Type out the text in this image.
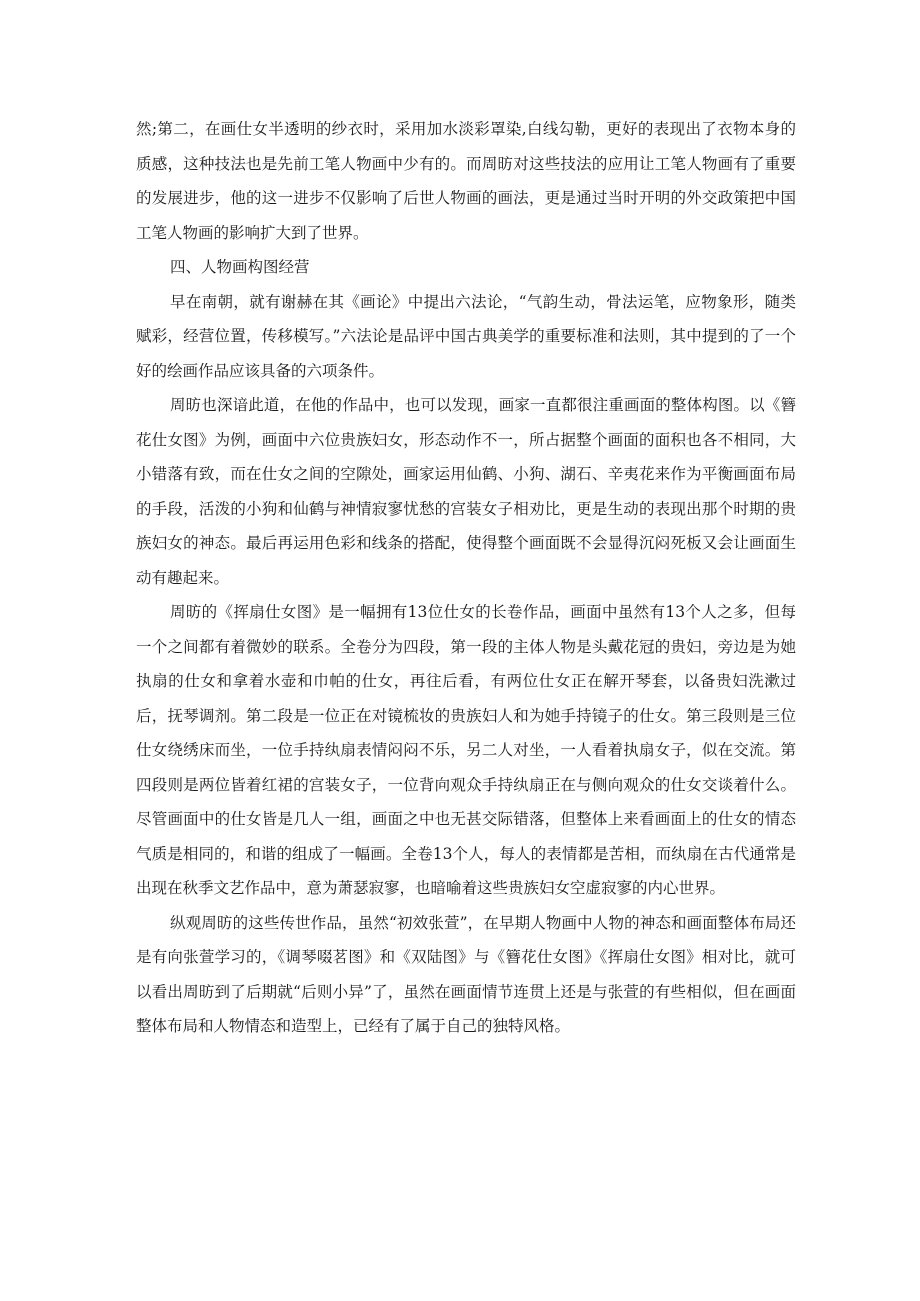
然;第二，在画仕女半透明的纱衣时，采用加水淡彩罩染,白线勾勒，更好的表现出了衣物本身的质感，这种技法也是先前工笔人物画中少有的。而周昉对这些技法的应用让工笔人物画有了重要的发展进步，他的这一进步不仅影响了后世人物画的画法，更是通过当时开明的外交政策把中国工笔人物画的影响扩大到了世界。

四、人物画构图经营

早在南朝，就有谢赫在其《画论》中提出六法论，“气韵生动，骨法运笔，应物象形，随类赋彩，经营位置，传移模写。”六法论是品评中国古典美学的重要标准和法则，其中提到的了一个好的绘画作品应该具备的六项条件。

周昉也深谙此道，在他的作品中，也可以发现，画家一直都很注重画面的整体构图。以《簪花仕女图》为例，画面中六位贵族妇女，形态动作不一，所占据整个画面的面积也各不相同，大小错落有致，而在仕女之间的空隙处，画家运用仙鹤、小狗、湖石、辛夷花来作为平衡画面布局的手段，活泼的小狗和仙鹤与神情寂寥忧愁的宫装女子相劝比，更是生动的表现出那个时期的贵族妇女的神态。最后再运用色彩和线条的搭配，使得整个画面既不会显得沉闷死板又会让画面生动有趣起来。

周昉的《挥扇仕女图》是一幅拥有13位仕女的长卷作品，画面中虽然有13个人之多，但每一个之间都有着微妙的联系。全卷分为四段，第一段的主体人物是头戴花冠的贵妇，旁边是为她执扇的仕女和拿着水壶和巾帕的仕女，再往后看，有两位仕女正在解开琴套，以备贵妇洗漱过后，抚琴调剂。第二段是一位正在对镜梳妆的贵族妇人和为她手持镜子的仕女。第三段则是三位仕女绕绣床而坐，一位手持纨扇表情闷闷不乐，另二人对坐，一人看着执扇女子，似在交流。第四段则是两位皆着红裙的宫装女子，一位背向观众手持纨扇正在与侧向观众的仕女交谈着什么。尽管画面中的仕女皆是几人一组，画面之中也无甚交际错落，但整体上来看画面上的仕女的情态气质是相同的，和谐的组成了一幅画。全卷13个人，每人的表情都是苦相，而纨扇在古代通常是出现在秋季文艺作品中，意为萧瑟寂寥，也暗喻着这些贵族妇女空虚寂寥的内心世界。

纵观周昉的这些传世作品，虽然“初效张萱”，在早期人物画中人物的神态和画面整体布局还是有向张萱学习的，《调琴啜茗图》和《双陆图》与《簪花仕女图》《挥扇仕女图》相对比，就可以看出周昉到了后期就“后则小异”了，虽然在画面情节连贯上还是与张萱的有些相似，但在画面整体布局和人物情态和造型上，已经有了属于自己的独特风格。
